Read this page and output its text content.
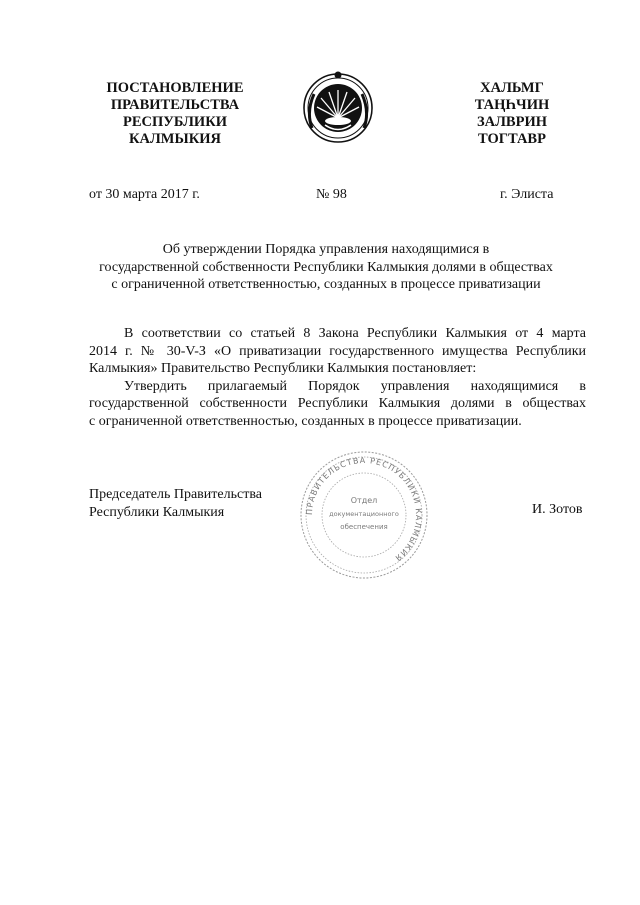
ПОСТАНОВЛЕНИЕ
ПРАВИТЕЛЬСТВА
РЕСПУБЛИКИ
КАЛМЫКИЯ
ХАЛЬМГ
ТАҢҺЧИН
ЗАЛВРИН
ТОГТАВР
от 30 марта 2017 г.	№ 98	г. Элиста
Об утверждении Порядка управления находящимися в
государственной собственности Республики Калмыкия долями в обществах
с ограниченной ответственностью, созданных в процессе приватизации
В соответствии со статьей 8 Закона Республики Калмыкия от 4 марта
2014 г. № 30-V-З «О приватизации государственного имущества Республики
Калмыкия» Правительство Республики Калмыкия постановляет:
Утвердить прилагаемый Порядок управления находящимися в
государственной собственности Республики Калмыкия долями в обществах
с ограниченной ответственностью, созданных в процессе приватизации.
ПРАВИТЕЛЬСТВА РЕСПУБЛИКИ КАЛМЫКИЯ
Отдел
документационного
обеспечения
Председатель Правительства
Республики Калмыкия	И. Зотов
